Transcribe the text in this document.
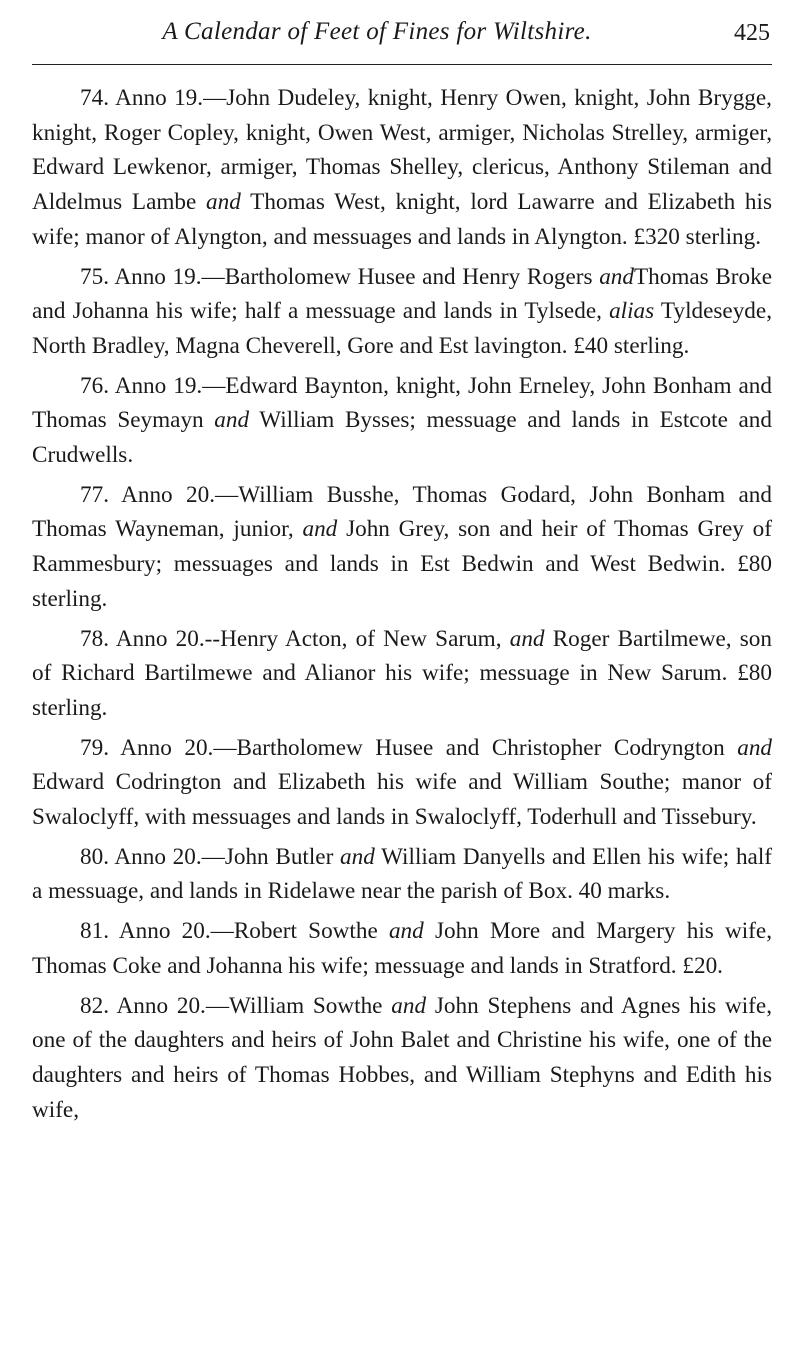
A Calendar of Feet of Fines for Wiltshire.	425

74. Anno 19.—John Dudeley, knight, Henry Owen, knight, John Brygge, knight, Roger Copley, knight, Owen West, armiger, Nicholas Strelley, armiger, Edward Lewkenor, armiger, Thomas Shelley, clericus, Anthony Stileman and Aldelmus Lambe and Thomas West, knight, lord Lawarre and Elizabeth his wife; manor of Alyngton, and messuages and lands in Alyngton. £320 sterling.

75. Anno 19.—Bartholomew Husee and Henry Rogers andThomas Broke and Johanna his wife; half a messuage and lands in Tylsede, alias Tyldeseyde, North Bradley, Magna Cheverell, Gore and Est lavington. £40 sterling.

76. Anno 19.—Edward Baynton, knight, John Erneley, John Bonham and Thomas Seymayn and William Bysses; messuage and lands in Estcote and Crudwells.

77. Anno 20.—William Busshe, Thomas Godard, John Bonham and Thomas Wayneman, junior, and John Grey, son and heir of Thomas Grey of Rammesbury; messuages and lands in Est Bedwin and West Bedwin. £80 sterling.

78. Anno 20.--Henry Acton, of New Sarum, and Roger Bartilmewe, son of Richard Bartilmewe and Alianor his wife; messuage in New Sarum. £80 sterling.

79. Anno 20.—Bartholomew Husee and Christopher Codryngton and Edward Codrington and Elizabeth his wife and William Southe; manor of Swaloclyff, with messuages and lands in Swaloclyff, Toderhull and Tissebury.

80. Anno 20.—John Butler and William Danyells and Ellen his wife; half a messuage, and lands in Ridelawe near the parish of Box. 40 marks.

81. Anno 20.—Robert Sowthe and John More and Margery his wife, Thomas Coke and Johanna his wife; messuage and lands in Stratford. £20.

82. Anno 20.—William Sowthe and John Stephens and Agnes his wife, one of the daughters and heirs of John Balet and Christine his wife, one of the daughters and heirs of Thomas Hobbes, and William Stephyns and Edith his wife,
